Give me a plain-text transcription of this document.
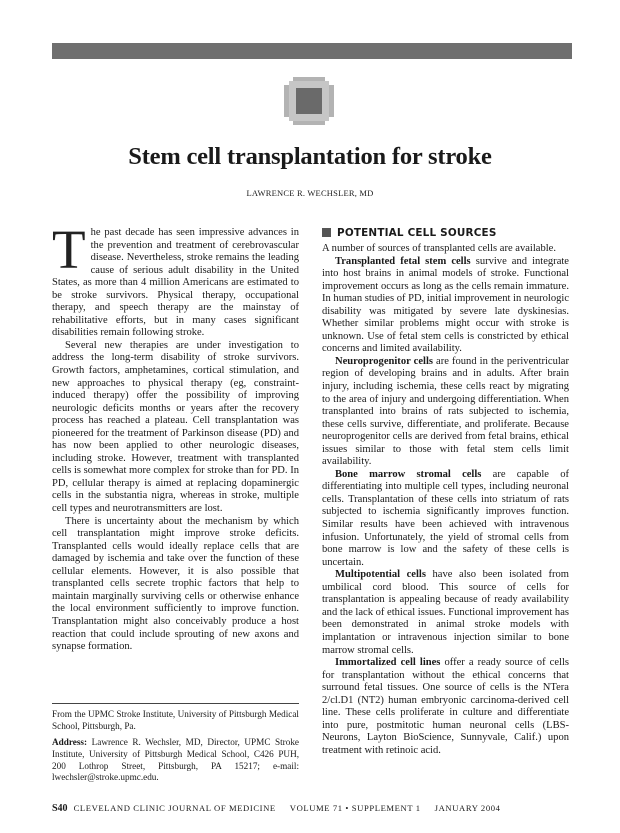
Stem cell transplantation for stroke
LAWRENCE R. WECHSLER, MD

The past decade has seen impressive advances in the prevention and treatment of cerebrovascular disease. Nevertheless, stroke remains the leading cause of serious adult disability in the United States, as more than 4 million Americans are estimated to be stroke survivors. Physical therapy, occupational therapy, and speech therapy are the mainstay of rehabilitative efforts, but in many cases significant disabilities remain following stroke.

Several new therapies are under investigation to address the long-term disability of stroke survivors. Growth factors, amphetamines, cortical stimulation, and new approaches to physical therapy (eg, constraint-induced therapy) offer the possibility of improving neurologic deficits months or years after the recovery process has reached a plateau. Cell transplantation was pioneered for the treatment of Parkinson disease (PD) and has now been applied to other neurologic diseases, including stroke. However, treatment with transplanted cells is somewhat more complex for stroke than for PD. In PD, cellular therapy is aimed at replacing dopaminergic cells in the substantia nigra, whereas in stroke, multiple cell types and neurotransmitters are lost.

There is uncertainty about the mechanism by which cell transplantation might improve stroke deficits. Transplanted cells would ideally replace cells that are damaged by ischemia and take over the function of these cellular elements. However, it is also possible that transplanted cells secrete trophic factors that help to maintain marginally surviving cells or otherwise enhance the local environment sufficiently to improve function. Transplantation might also conceivably produce a host reaction that could include sprouting of new axons and synapse formation.

From the UPMC Stroke Institute, University of Pittsburgh Medical School, Pittsburgh, Pa.

Address: Lawrence R. Wechsler, MD, Director, UPMC Stroke Institute, University of Pittsburgh Medical School, C426 PUH, 200 Lothrop Street, Pittsburgh, PA 15217; e-mail: lwechsler@stroke.upmc.edu.

POTENTIAL CELL SOURCES

A number of sources of transplanted cells are available.

Transplanted fetal stem cells survive and integrate into host brains in animal models of stroke. Functional improvement occurs as long as the cells remain immature. In human studies of PD, initial improvement in neurologic disability was mitigated by severe late dyskinesias. Whether similar problems might occur with stroke is unknown. Use of fetal stem cells is constricted by ethical concerns and limited availability.

Neuroprogenitor cells are found in the periventricular region of developing brains and in adults. After brain injury, including ischemia, these cells react by migrating to the area of injury and undergoing differentiation. When transplanted into brains of rats subjected to ischemia, these cells survive, differentiate, and proliferate. Because neuroprogenitor cells are derived from fetal brains, ethical issues similar to those with fetal stem cells limit availability.

Bone marrow stromal cells are capable of differentiating into multiple cell types, including neuronal cells. Transplantation of these cells into striatum of rats subjected to ischemia significantly improves function. Similar results have been achieved with intravenous infusion. Unfortunately, the yield of stromal cells from bone marrow is low and the safety of these cells is uncertain.

Multipotential cells have also been isolated from umbilical cord blood. This source of cells for transplantation is appealing because of ready availability and the lack of ethical issues. Functional improvement has been demonstrated in animal stroke models with implantation or intravenous injection similar to bone marrow stromal cells.

Immortalized cell lines offer a ready source of cells for transplantation without the ethical concerns that surround fetal tissues. One source of cells is the NTera 2/cl.D1 (NT2) human embryonic carcinoma-derived cell line. These cells proliferate in culture and differentiate into pure, postmitotic human neuronal cells (LBS-Neurons, Layton BioScience, Sunnyvale, Calif.) upon treatment with retinoic acid.

S40 CLEVELAND CLINIC JOURNAL OF MEDICINE VOLUME 71 • SUPPLEMENT 1 JANUARY 2004
